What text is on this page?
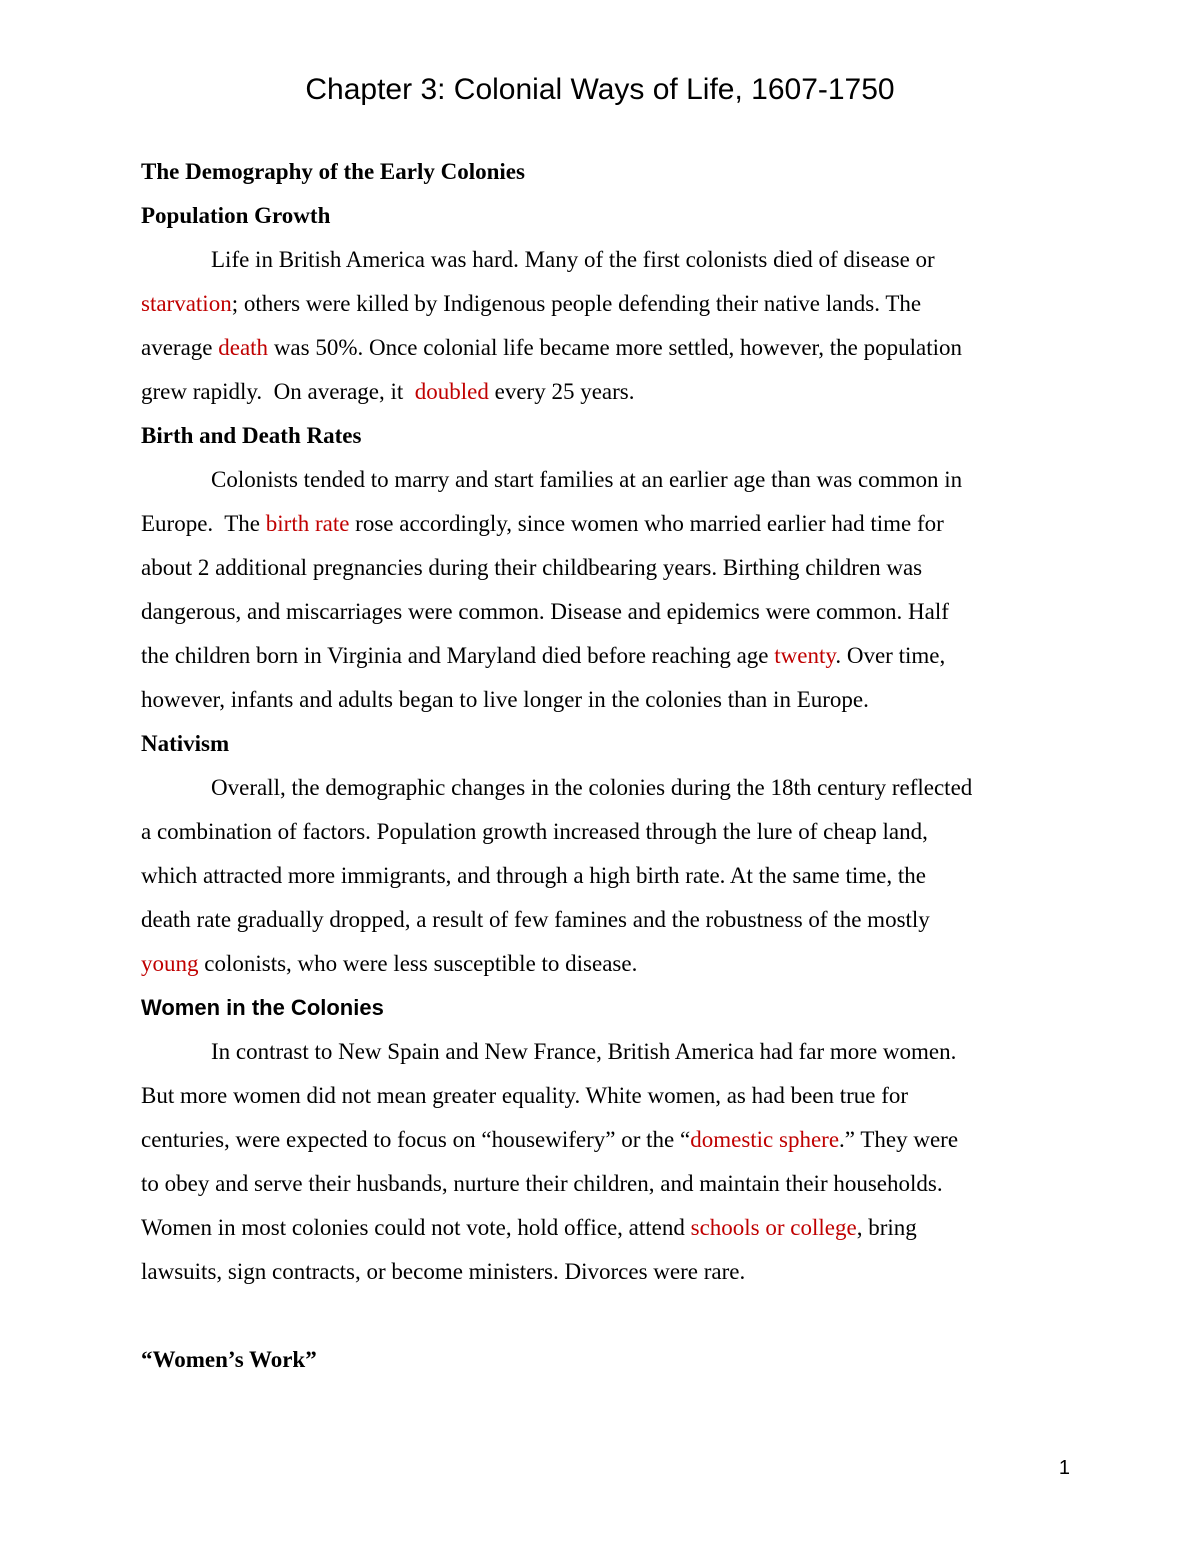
Chapter 3: Colonial Ways of Life, 1607-1750
The Demography of the Early Colonies
Population Growth
Life in British America was hard. Many of the first colonists died of disease or
starvation; others were killed by Indigenous people defending their native lands. The
average death was 50%. Once colonial life became more settled, however, the population
grew rapidly.  On average, it  doubled every 25 years.
Birth and Death Rates
Colonists tended to marry and start families at an earlier age than was common in
Europe.  The birth rate rose accordingly, since women who married earlier had time for
about 2 additional pregnancies during their childbearing years. Birthing children was
dangerous, and miscarriages were common. Disease and epidemics were common. Half
the children born in Virginia and Maryland died before reaching age twenty. Over time,
however, infants and adults began to live longer in the colonies than in Europe.
Nativism
Overall, the demographic changes in the colonies during the 18th century reflected
a combination of factors. Population growth increased through the lure of cheap land,
which attracted more immigrants, and through a high birth rate. At the same time, the
death rate gradually dropped, a result of few famines and the robustness of the mostly
young colonists, who were less susceptible to disease.
Women in the Colonies
In contrast to New Spain and New France, British America had far more women.
But more women did not mean greater equality. White women, as had been true for
centuries, were expected to focus on “housewifery” or the “domestic sphere.” They were
to obey and serve their husbands, nurture their children, and maintain their households.
Women in most colonies could not vote, hold office, attend schools or college, bring
lawsuits, sign contracts, or become ministers. Divorces were rare.
“Women’s Work”
1
